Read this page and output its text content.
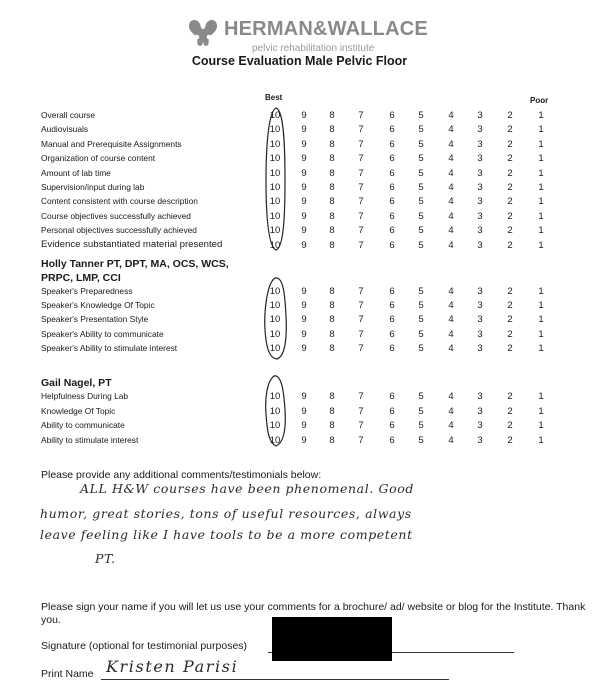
HERMAN&WALLACE
pelvic rehabilitation institute
Course Evaluation Male Pelvic Floor
Best	Poor
Overall course	10	9	8	7	6	5	4	3	2	1
Audiovisuals	10	9	8	7	6	5	4	3	2	1
Manual and Prerequisite Assignments	10	9	8	7	6	5	4	3	2	1
Organization of course content	10	9	8	7	6	5	4	3	2	1
Amount of lab time	10	9	8	7	6	5	4	3	2	1
Supervision/input during lab	10	9	8	7	6	5	4	3	2	1
Content consistent with course description	10	9	8	7	6	5	4	3	2	1
Course objectives successfully achieved	10	9	8	7	6	5	4	3	2	1
Personal objectives successfully achieved	10	9	8	7	6	5	4	3	2	1
Evidence substantiated material presented	10	9	8	7	6	5	4	3	2	1
Holly Tanner PT, DPT, MA, OCS, WCS,
PRPC, LMP, CCI
Speaker's Preparedness	10	9	8	7	6	5	4	3	2	1
Speaker's Knowledge Of Topic	10	9	8	7	6	5	4	3	2	1
Speaker's Presentation Style	10	9	8	7	6	5	4	3	2	1
Speaker's Ability to communicate	10	9	8	7	6	5	4	3	2	1
Speaker's Ability to stimulate interest	10	9	8	7	6	5	4	3	2	1
Gail Nagel, PT
Helpfulness During Lab	10	9	8	7	6	5	4	3	2	1
Knowledge Of Topic	10	9	8	7	6	5	4	3	2	1
Ability to communicate	10	9	8	7	6	5	4	3	2	1
Ability to stimulate interest	10	9	8	7	6	5	4	3	2	1
Please provide any additional comments/testimonials below:
ALL H&W courses have been phenomenal. Good
humor, great stories, tons of useful resources, always
leave feeling like I have tools to be a more competent
PT.
Please sign your name if you will let us use your comments for a brochure/ ad/ website or blog for the Institute. Thank you.
Signature (optional for testimonial purposes)
Print Name Kristen Parisi
